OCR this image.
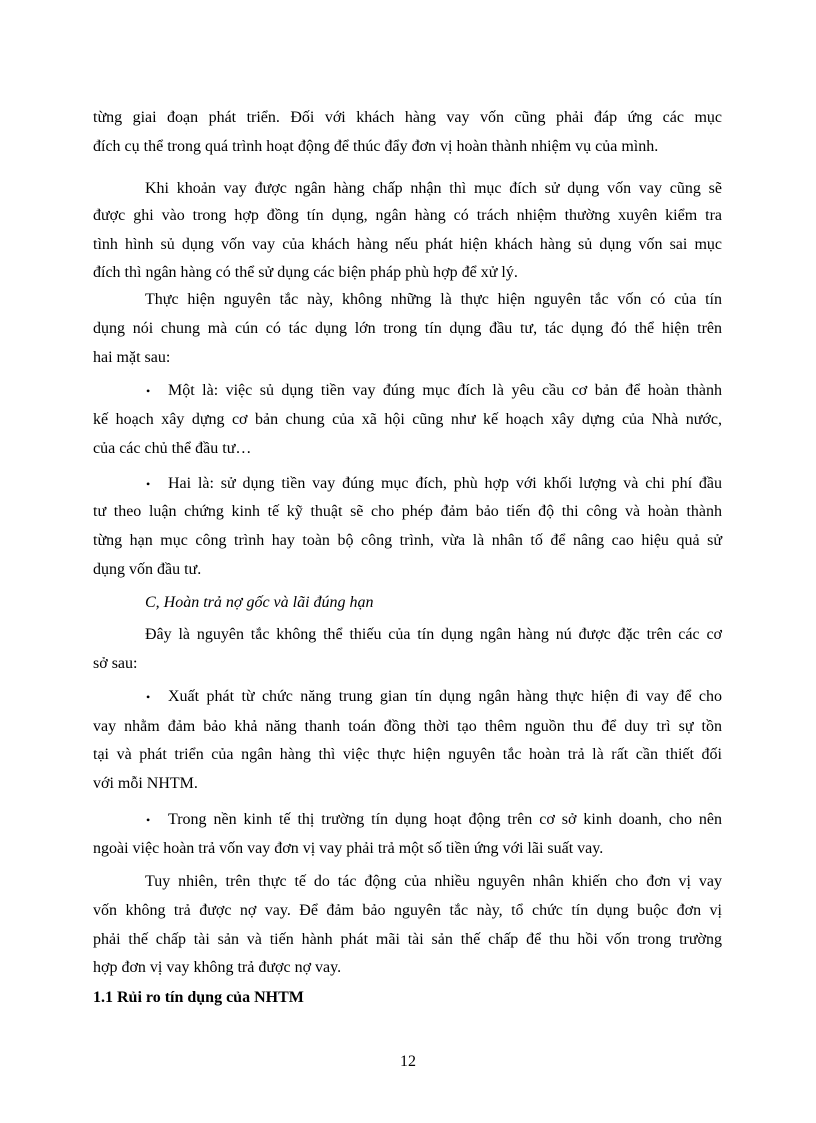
từng giai đoạn phát triển. Đối với khách hàng vay vốn cũng phải đáp ứng các mục
đích cụ thể trong quá trình hoạt động để thúc đẩy đơn vị hoàn thành nhiệm vụ của mình.
Khi khoản vay được ngân hàng chấp nhận thì mục đích sử dụng vốn vay cũng sẽ
được ghi vào trong hợp đồng tín dụng, ngân hàng có trách nhiệm thường xuyên kiểm tra
tình hình sủ dụng vốn vay của khách hàng nếu phát hiện khách hàng sủ dụng vốn sai mục
đích thì ngân hàng có thể sử dụng các biện pháp phù hợp để xử lý.
Thực hiện nguyên tắc này, không những là thực hiện nguyên tắc vốn có của tín
dụng nói chung mà cún có tác dụng lớn trong tín dụng đầu tư, tác dụng đó thể hiện trên
hai mặt sau:
• Một là: việc sủ dụng tiền vay đúng mục đích là yêu cầu cơ bản để hoàn thành
kế hoạch xây dựng cơ bản chung của xã hội cũng như kế hoạch xây dựng của Nhà nước,
của các chủ thể đầu tư…
• Hai là: sử dụng tiền vay đúng mục đích, phù hợp với khối lượng và chi phí đầu
tư theo luận chứng kinh tế kỹ thuật sẽ cho phép đảm bảo tiến độ thi công và hoàn thành
từng hạn mục công trình hay toàn bộ công trình, vừa là nhân tố để nâng cao hiệu quả sử
dụng vốn đầu tư.
C, Hoàn trả nợ gốc và lãi đúng hạn
Đây là nguyên tắc không thể thiếu của tín dụng ngân hàng nú được đặc trên các cơ
sở sau:
• Xuất phát từ chức năng trung gian tín dụng ngân hàng thực hiện đi vay để cho
vay nhằm đảm bảo khả năng thanh toán đồng thời tạo thêm nguồn thu để duy trì sự tồn
tại và phát triển của ngân hàng thì việc thực hiện nguyên tắc hoàn trả là rất cần thiết đối
với mỗi NHTM.
• Trong nền kinh tế thị trường tín dụng hoạt động trên cơ sở kinh doanh, cho nên
ngoài việc hoàn trả vốn vay đơn vị vay phải trả một số tiền ứng với lãi suất vay.
Tuy nhiên, trên thực tế do tác động của nhiều nguyên nhân khiến cho đơn vị vay
vốn không trả được nợ vay. Để đảm bảo nguyên tắc này, tổ chức tín dụng buộc đơn vị
phải thế chấp tài sản và tiến hành phát mãi tài sản thế chấp để thu hồi vốn trong trường
hợp đơn vị vay không trả được nợ vay.
1.1 Rủi ro tín dụng của NHTM
12
